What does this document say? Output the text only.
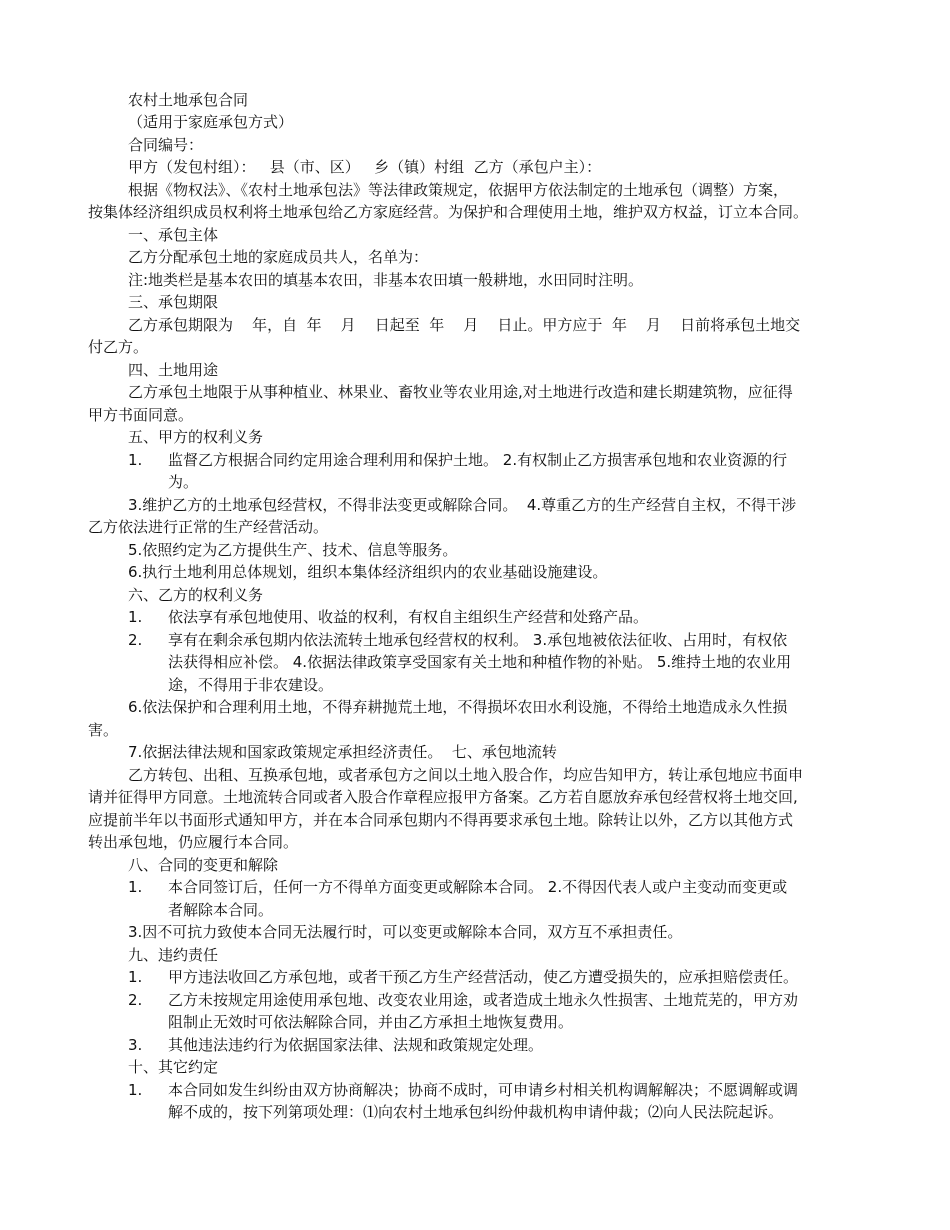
农村土地承包合同
（适用于家庭承包方式）
合同编号：
甲方（发包村组）：   县（市、区）   乡（镇）村组  乙方（承包户主）：
根据《物权法》、《农村土地承包法》等法律政策规定，依据甲方依法制定的土地承包（调整）方案，
按集体经济组织成员权利将土地承包给乙方家庭经营。为保护和合理使用土地，维护双方权益，订立本合同。
一、承包主体
乙方分配承包土地的家庭成员共人，名单为：
注:地类栏是基本农田的填基本农田，非基本农田填一般耕地，水田同时注明。
三、承包期限
乙方承包期限为    年，自  年    月    日起至  年    月    日止。甲方应于  年    月    日前将承包土地交
付乙方。
四、土地用途
乙方承包土地限于从事种植业、林果业、畜牧业等农业用途,对土地进行改造和建长期建筑物，应征得
甲方书面同意。
五、甲方的权利义务

1.

	监督乙方根据合同约定用途合理利用和保护土地。 2.有权制止乙方损害承包地和农业资源的行

为。

3.维护乙方的土地承包经营权，不得非法变更或解除合同。  4.尊重乙方的生产经营自主权，不得干涉
乙方依法进行正常的生产经营活动。
5.依照约定为乙方提供生产、技术、信息等服务。
6.执行土地利用总体规划，组织本集体经济组织内的农业基础设施建设。
六、乙方的权利义务

1.

	依法享有承包地使用、收益的权利，有权自主组织生产经营和处臵产品。

2.

	享有在剩余承包期内依法流转土地承包经营权的权利。 3.承包地被依法征收、占用时，有权依

法获得相应补偿。 4.依据法律政策享受国家有关土地和种植作物的补贴。 5.维持土地的农业用

途，不得用于非农建设。

6.依法保护和合理利用土地，不得弃耕抛荒土地，不得损坏农田水利设施，不得给土地造成永久性损
害。
7.依据法律法规和国家政策规定承担经济责任。  七、承包地流转
乙方转包、出租、互换承包地，或者承包方之间以土地入股合作，均应告知甲方，转让承包地应书面申
请并征得甲方同意。土地流转合同或者入股合作章程应报甲方备案。乙方若自愿放弃承包经营权将土地交回,
应提前半年以书面形式通知甲方，并在本合同承包期内不得再要求承包土地。除转让以外，乙方以其他方式
转出承包地，仍应履行本合同。
八、合同的变更和解除

1.

	本合同签订后，任何一方不得单方面变更或解除本合同。 2.不得因代表人或户主变动而变更或

者解除本合同。

3.因不可抗力致使本合同无法履行时，可以变更或解除本合同，双方互不承担责任。
九、违约责任

1.

	甲方违法收回乙方承包地，或者干预乙方生产经营活动，使乙方遭受损失的，应承担赔偿责任。

2.

	乙方未按规定用途使用承包地、改变农业用途，或者造成土地永久性损害、土地荒芜的，甲方劝

阻制止无效时可依法解除合同，并由乙方承担土地恢复费用。

3.

	其他违法违约行为依据国家法律、法规和政策规定处理。

十、其它约定

1.

	本合同如发生纠纷由双方协商解决；协商不成时，可申请乡村相关机构调解解决；不愿调解或调

解不成的，按下列第项处理：⑴向农村土地承包纠纷仲裁机构申请仲裁；⑵向人民法院起诉。
